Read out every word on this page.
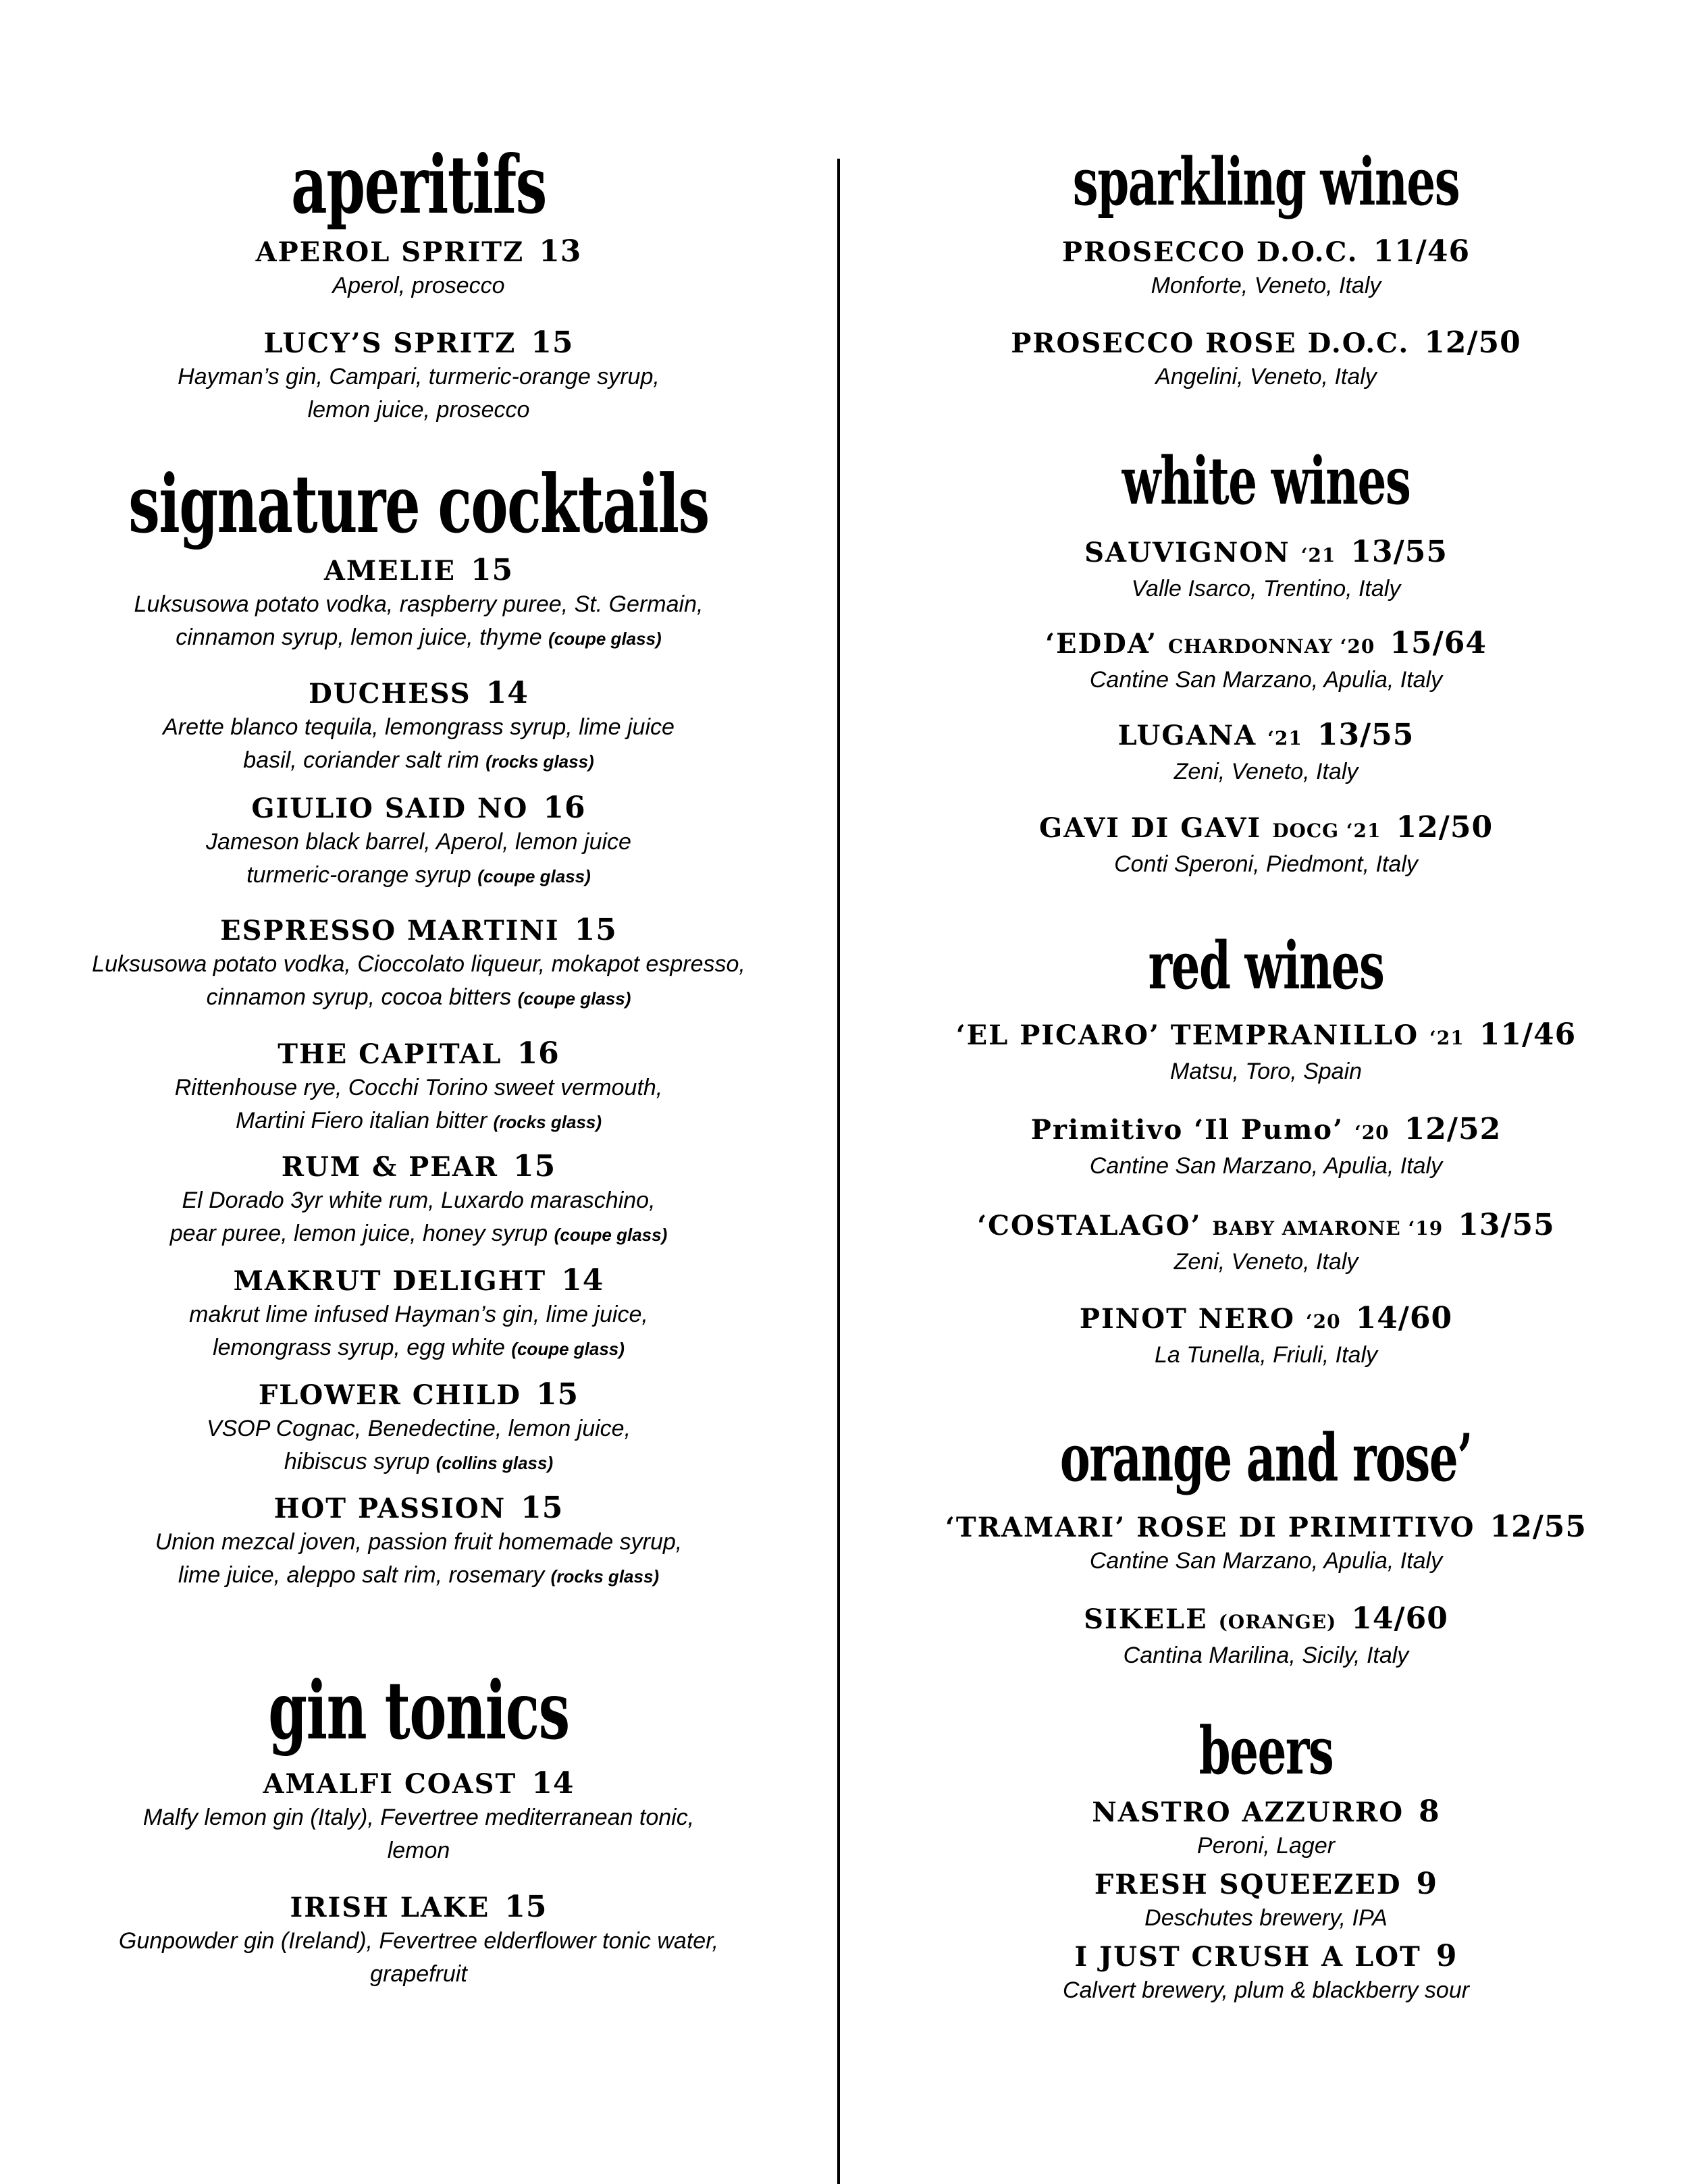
aperitifs
APEROL SPRITZ 13
Aperol, prosecco
LUCY’S SPRITZ 15
Hayman’s gin, Campari, turmeric-orange syrup,
lemon juice, prosecco
signature cocktails
AMELIE 15
Luksusowa potato vodka, raspberry puree, St. Germain,
cinnamon syrup, lemon juice, thyme (coupe glass)
DUCHESS 14
Arette blanco tequila, lemongrass syrup, lime juice
basil, coriander salt rim (rocks glass)
GIULIO SAID NO 16
Jameson black barrel, Aperol, lemon juice
turmeric-orange syrup (coupe glass)
ESPRESSO MARTINI 15
Luksusowa potato vodka, Cioccolato liqueur, mokapot espresso,
cinnamon syrup, cocoa bitters (coupe glass)
THE CAPITAL 16
Rittenhouse rye, Cocchi Torino sweet vermouth,
Martini Fiero italian bitter (rocks glass)
RUM & PEAR 15
El Dorado 3yr white rum, Luxardo maraschino,
pear puree, lemon juice, honey syrup (coupe glass)
MAKRUT DELIGHT 14
makrut lime infused Hayman’s gin, lime juice,
lemongrass syrup, egg white (coupe glass)
FLOWER CHILD 15
VSOP Cognac, Benedectine, lemon juice,
hibiscus syrup (collins glass)
HOT PASSION 15
Union mezcal joven, passion fruit homemade syrup,
lime juice, aleppo salt rim, rosemary (rocks glass)
gin tonics
AMALFI COAST 14
Malfy lemon gin (Italy), Fevertree mediterranean tonic,
lemon
IRISH LAKE 15
Gunpowder gin (Ireland), Fevertree elderflower tonic water,
grapefruit
sparkling wines
PROSECCO D.O.C. 11/46
Monforte, Veneto, Italy
PROSECCO ROSE D.O.C. 12/50
Angelini, Veneto, Italy
white wines
SAUVIGNON ‘21 13/55
Valle Isarco, Trentino, Italy
‘EDDA’ CHARDONNAY ‘20 15/64
Cantine San Marzano, Apulia, Italy
LUGANA ‘21 13/55
Zeni, Veneto, Italy
GAVI DI GAVI DOCG ‘21 12/50
Conti Speroni, Piedmont, Italy
red wines
‘EL PICARO’ TEMPRANILLO ‘21 11/46
Matsu, Toro, Spain
Primitivo ‘Il Pumo’ ‘20 12/52
Cantine San Marzano, Apulia, Italy
‘COSTALAGO’ BABY AMARONE ‘19 13/55
Zeni, Veneto, Italy
PINOT NERO ‘20 14/60
La Tunella, Friuli, Italy
orange and rose’
‘TRAMARI’ ROSE DI PRIMITIVO 12/55
Cantine San Marzano, Apulia, Italy
SIKELE (ORANGE) 14/60
Cantina Marilina, Sicily, Italy
beers
NASTRO AZZURRO 8
Peroni, Lager
FRESH SQUEEZED 9
Deschutes brewery, IPA
I JUST CRUSH A LOT 9
Calvert brewery, plum & blackberry sour
